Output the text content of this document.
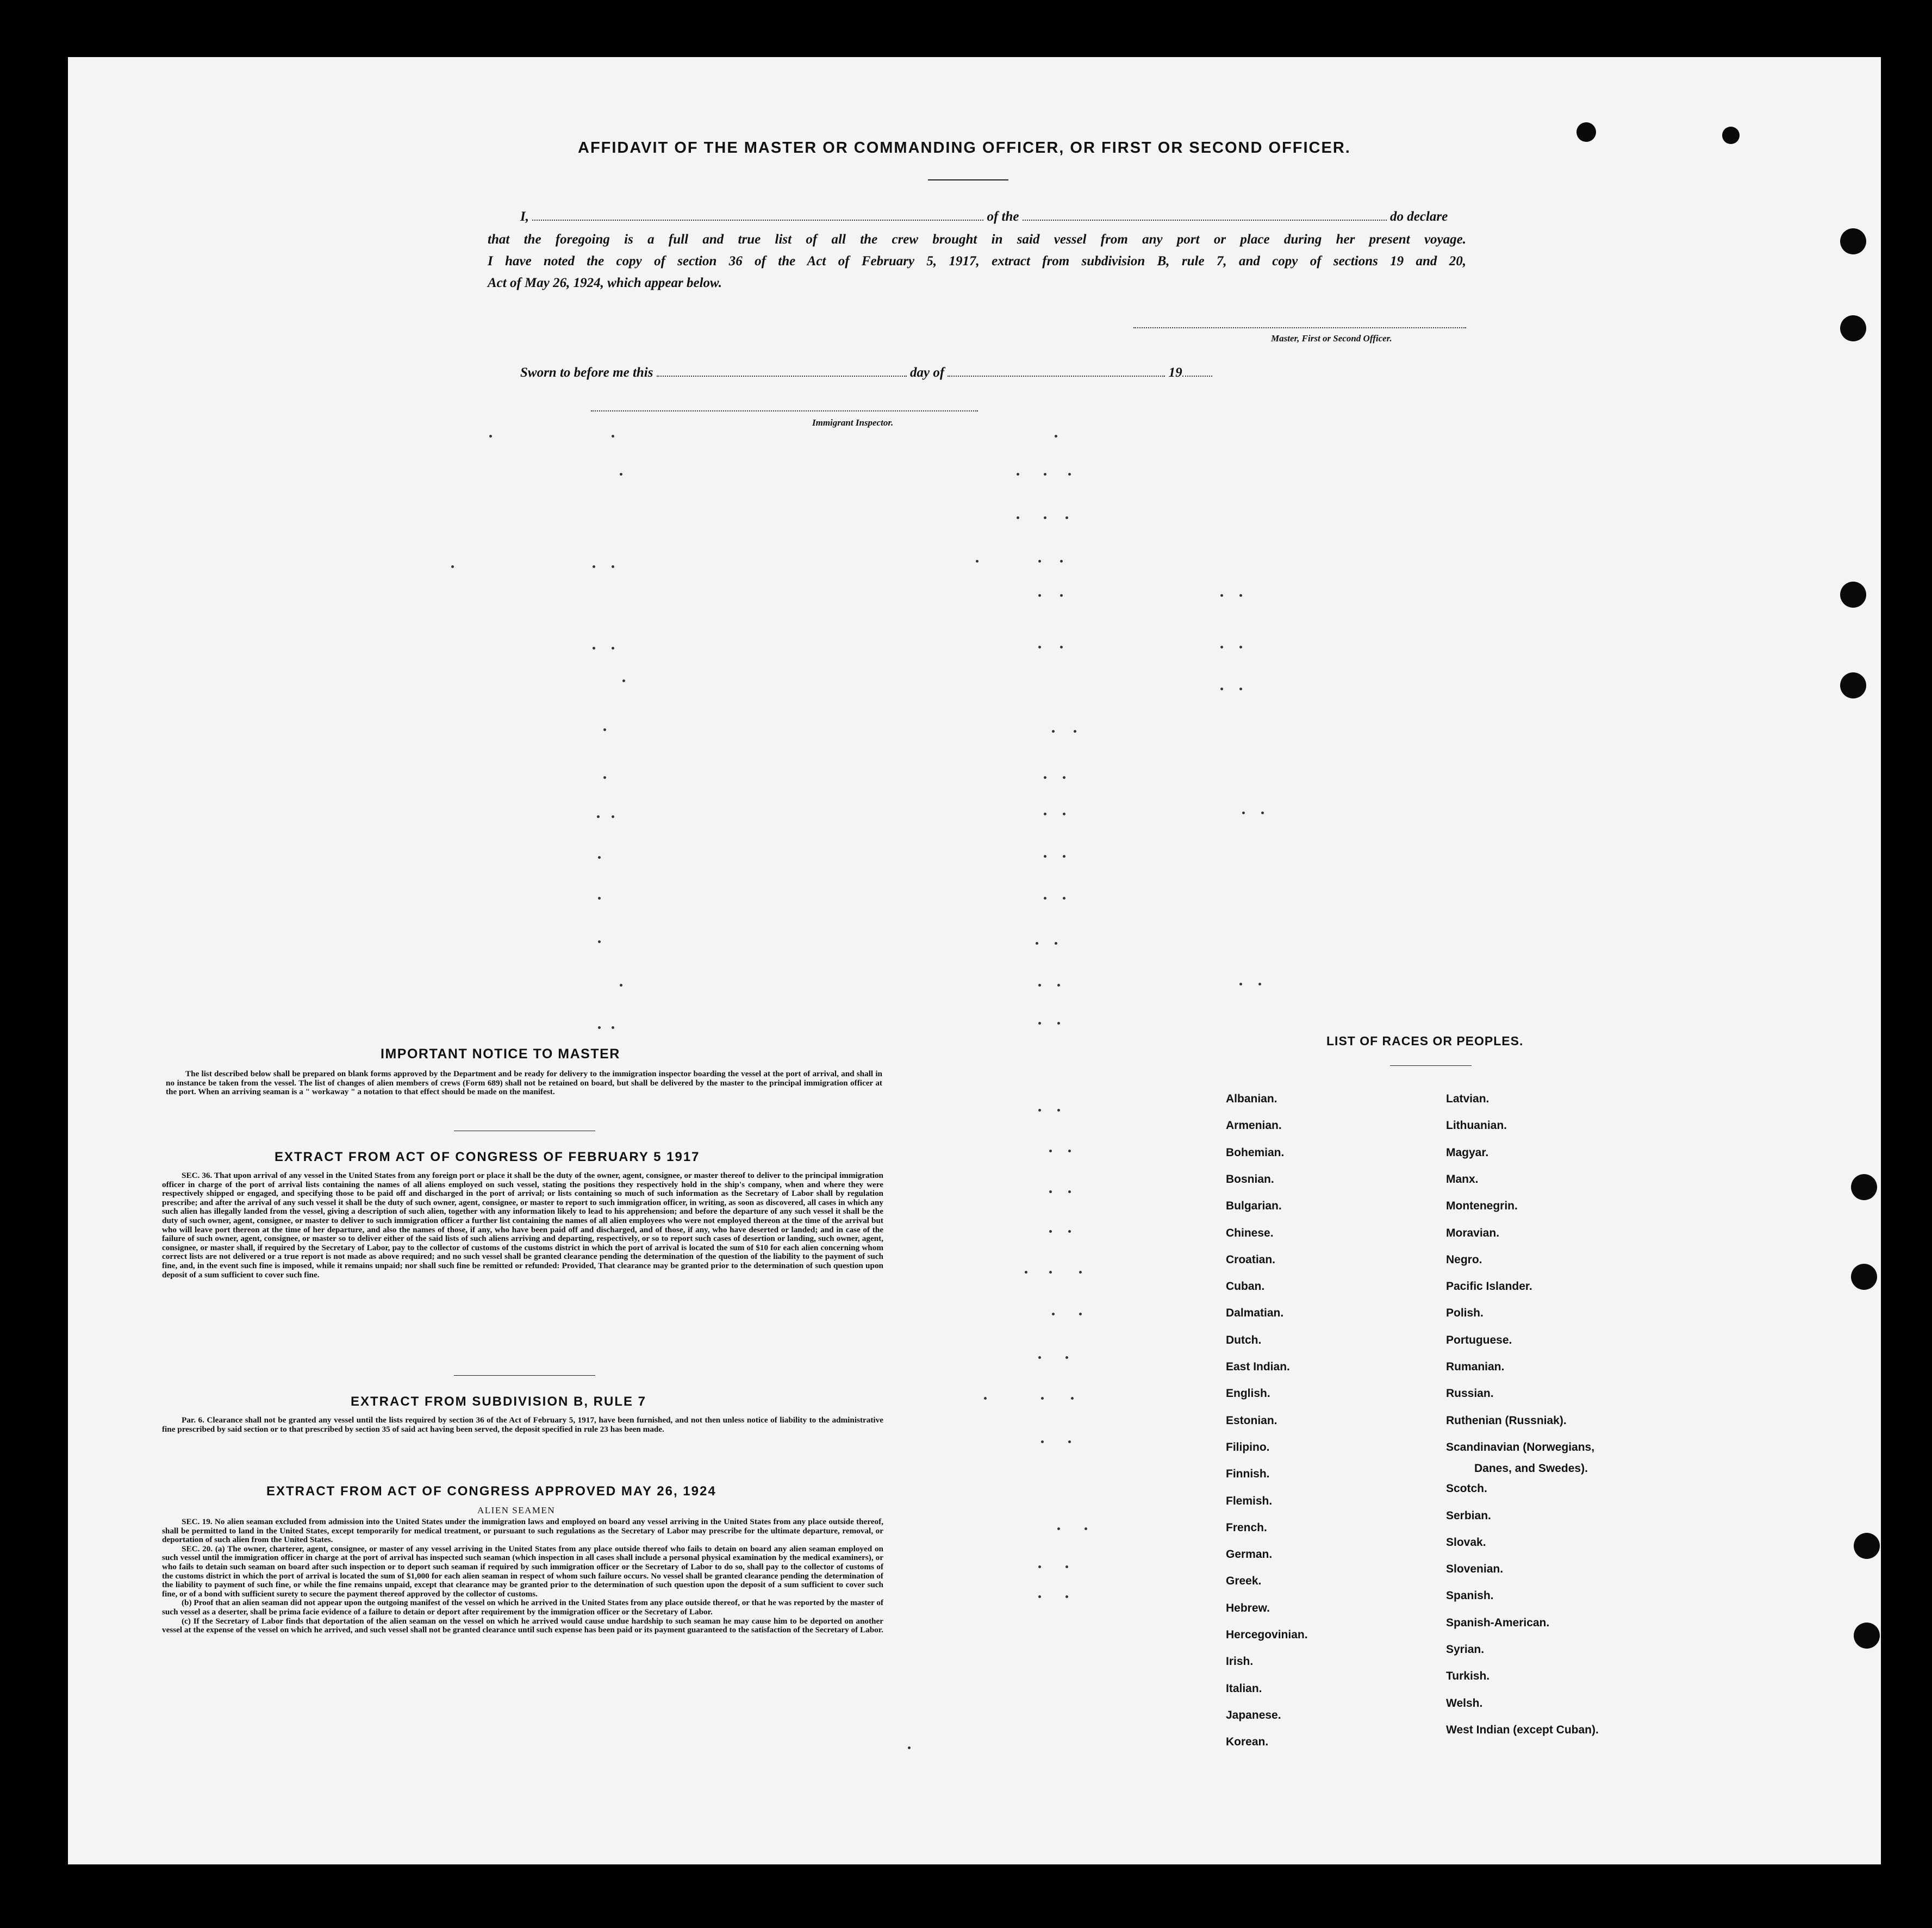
AFFIDAVIT OF THE MASTER OR COMMANDING OFFICER, OR FIRST OR SECOND OFFICER.
I,	of the	do declare
that the foregoing is a full and true list of all the crew brought in said vessel from any port or place during her present voyage.
I have noted the copy of section 36 of the Act of February 5, 1917, extract from subdivision B, rule 7, and copy of sections 19 and 20,
Act of May 26, 1924, which appear below.
Master, First or Second Officer.
Sworn to before me this	day of	19
Immigrant Inspector.
IMPORTANT NOTICE TO MASTER

The list described below shall be prepared on blank forms approved by the Department and be ready for delivery to the immigration inspector boarding the vessel at the port of arrival, and shall in no instance be taken from the vessel. The list of changes of alien members of crews (Form 689) shall not be retained on board, but shall be delivered by the master to the principal immigration officer at the port. When an arriving seaman is a " workaway " a notation to that effect should be made on the manifest.

EXTRACT FROM ACT OF CONGRESS OF FEBRUARY 5 1917

SEC. 36. That upon arrival of any vessel in the United States from any foreign port or place it shall be the duty of the owner, agent, consignee, or master thereof to deliver to the principal immigration officer in charge of the port of arrival lists containing the names of all aliens employed on such vessel, stating the positions they respectively hold in the ship's company, when and where they were respectively shipped or engaged, and specifying those to be paid off and discharged in the port of arrival; or lists containing so much of such information as the Secretary of Labor shall by regulation prescribe; and after the arrival of any such vessel it shall be the duty of such owner, agent, consignee, or master to report to such immigration officer, in writing, as soon as discovered, all cases in which any such alien has illegally landed from the vessel, giving a description of such alien, together with any information likely to lead to his apprehension; and before the departure of any such vessel it shall be the duty of such owner, agent, consignee, or master to deliver to such immigration officer a further list containing the names of all alien employees who were not employed thereon at the time of the arrival but who will leave port thereon at the time of her departure, and also the names of those, if any, who have been paid off and discharged, and of those, if any, who have deserted or landed; and in case of the failure of such owner, agent, consignee, or master so to deliver either of the said lists of such aliens arriving and departing, respectively, or so to report such cases of desertion or landing, such owner, agent, consignee, or master shall, if required by the Secretary of Labor, pay to the collector of customs of the customs district in which the port of arrival is located the sum of $10 for each alien concerning whom correct lists are not delivered or a true report is not made as above required; and no such vessel shall be granted clearance pending the determination of the question of the liability to the payment of such fine, and, in the event such fine is imposed, while it remains unpaid; nor shall such fine be remitted or refunded: Provided, That clearance may be granted prior to the determination of such question upon deposit of a sum sufficient to cover such fine.

EXTRACT FROM SUBDIVISION B, RULE 7

Par. 6. Clearance shall not be granted any vessel until the lists required by section 36 of the Act of February 5, 1917, have been furnished, and not then unless notice of liability to the administrative fine prescribed by said section or to that prescribed by section 35 of said act having been served, the deposit specified in rule 23 has been made.

EXTRACT FROM ACT OF CONGRESS APPROVED MAY 26, 1924
ALIEN SEAMEN

SEC. 19. No alien seaman excluded from admission into the United States under the immigration laws and employed on board any vessel arriving in the United States from any place outside thereof, shall be permitted to land in the United States, except temporarily for medical treatment, or pursuant to such regulations as the Secretary of Labor may prescribe for the ultimate departure, removal, or deportation of such alien from the United States.

SEC. 20. (a) The owner, charterer, agent, consignee, or master of any vessel arriving in the United States from any place outside thereof who fails to detain on board any alien seaman employed on such vessel until the immigration officer in charge at the port of arrival has inspected such seaman (which inspection in all cases shall include a personal physical examination by the medical examiners), or who fails to detain such seaman on board after such inspection or to deport such seaman if required by such immigration officer or the Secretary of Labor to do so, shall pay to the collector of customs of the customs district in which the port of arrival is located the sum of $1,000 for each alien seaman in respect of whom such failure occurs. No vessel shall be granted clearance pending the determination of the liability to payment of such fine, or while the fine remains unpaid, except that clearance may be granted prior to the determination of such question upon the deposit of a sum sufficient to cover such fine, or of a bond with sufficient surety to secure the payment thereof approved by the collector of customs.

(b) Proof that an alien seaman did not appear upon the outgoing manifest of the vessel on which he arrived in the United States from any place outside thereof, or that he was reported by the master of such vessel as a deserter, shall be prima facie evidence of a failure to detain or deport after requirement by the immigration officer or the Secretary of Labor.

(c) If the Secretary of Labor finds that deportation of the alien seaman on the vessel on which he arrived would cause undue hardship to such seaman he may cause him to be deported on another vessel at the expense of the vessel on which he arrived, and such vessel shall not be granted clearance until such expense has been paid or its payment guaranteed to the satisfaction of the Secretary of Labor.

LIST OF RACES OR PEOPLES.
Albanian.
Armenian.
Bohemian.
Bosnian.
Bulgarian.
Chinese.
Croatian.
Cuban.
Dalmatian.
Dutch.
East Indian.
English.
Estonian.
Filipino.
Finnish.
Flemish.
French.
German.
Greek.
Hebrew.
Hercegovinian.
Irish.
Italian.
Japanese.
Korean.
Latvian.
Lithuanian.
Magyar.
Manx.
Montenegrin.
Moravian.
Negro.
Pacific Islander.
Polish.
Portuguese.
Rumanian.
Russian.
Ruthenian (Russniak).
Scandinavian (Norwegians,
Scotch.
Serbian.
Slovak.
Slovenian.
Spanish.
Spanish-American.
Syrian.
Turkish.
Welsh.
West Indian (except Cuban).
Danes, and Swedes).
